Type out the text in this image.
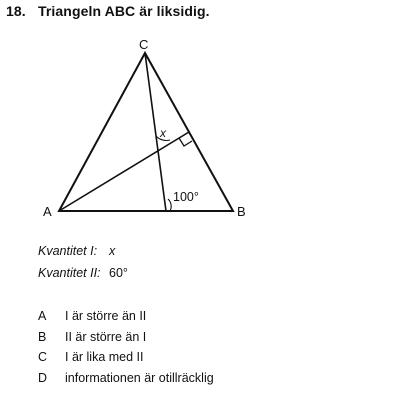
18. Triangeln ABC är liksidig.
C
A	B
x
100°
Kvantitet I: x
Kvantitet II: 60°
A I är större än II
B II är större än I
C I är lika med II
D informationen är otillräcklig
